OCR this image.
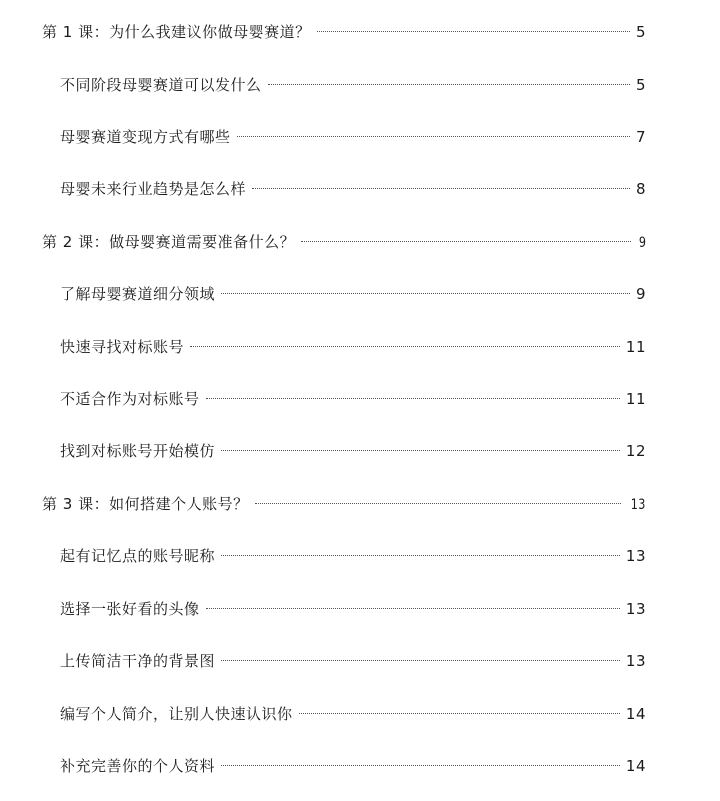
第 1 课：为什么我建议你做母婴赛道？	5
不同阶段母婴赛道可以发什么	5
母婴赛道变现方式有哪些	7
母婴未来行业趋势是怎么样	8
第 2 课：做母婴赛道需要准备什么？	9
了解母婴赛道细分领域	9
快速寻找对标账号	11
不适合作为对标账号	11
找到对标账号开始模仿	12
第 3 课：如何搭建个人账号？	13
起有记忆点的账号昵称	13
选择一张好看的头像	13
上传简洁干净的背景图	13
编写个人简介，让别人快速认识你	14
补充完善你的个人资料	14
